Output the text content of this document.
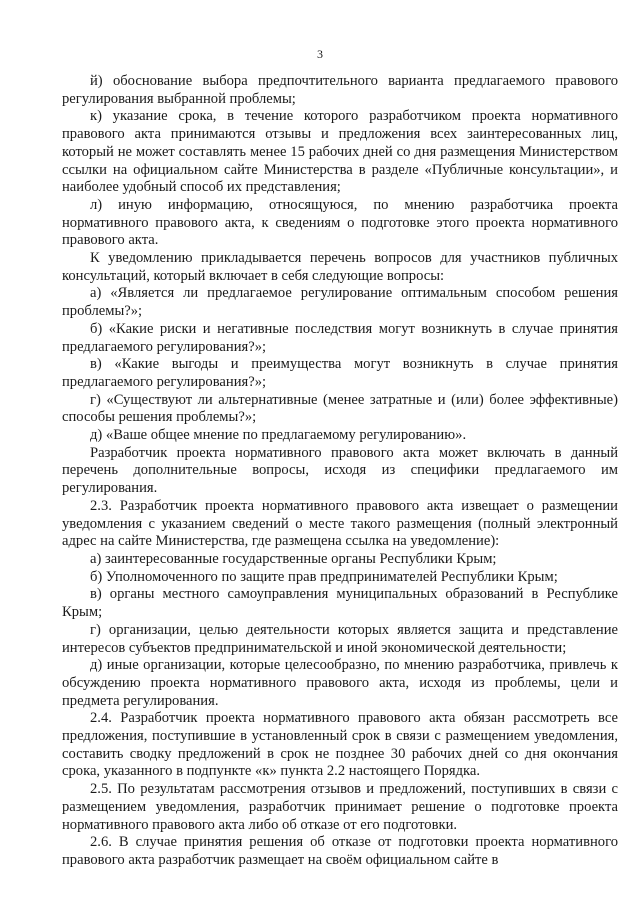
3

й) обоснование выбора предпочтительного варианта предлагаемого правового регулирования выбранной проблемы;

к) указание срока, в течение которого разработчиком проекта нормативного правового акта принимаются отзывы и предложения всех заинтересованных лиц, который не может составлять менее 15 рабочих дней со дня размещения Министерством ссылки на официальном сайте Министерства в разделе «Публичные консультации», и наиболее удобный способ их представления;

л) иную информацию, относящуюся, по мнению разработчика проекта нормативного правового акта, к сведениям о подготовке этого проекта нормативного правового акта.

К уведомлению прикладывается перечень вопросов для участников публичных консультаций, который включает в себя следующие вопросы:

а) «Является ли предлагаемое регулирование оптимальным способом решения проблемы?»;

б) «Какие риски и негативные последствия могут возникнуть в случае принятия предлагаемого регулирования?»;

в) «Какие выгоды и преимущества могут возникнуть в случае принятия предлагаемого регулирования?»;

г) «Существуют ли альтернативные (менее затратные и (или) более эффективные) способы решения проблемы?»;

д) «Ваше общее мнение по предлагаемому регулированию».

Разработчик проекта нормативного правового акта может включать в данный перечень дополнительные вопросы, исходя из специфики предлагаемого им регулирования.

2.3. Разработчик проекта нормативного правового акта извещает о размещении уведомления с указанием сведений о месте такого размещения (полный электронный адрес на сайте Министерства, где размещена ссылка на уведомление):

а) заинтересованные государственные органы Республики Крым;

б) Уполномоченного по защите прав предпринимателей Республики Крым;

в) органы местного самоуправления муниципальных образований в Республике Крым;

г) организации, целью деятельности которых является защита и представление интересов субъектов предпринимательской и иной экономической деятельности;

д) иные организации, которые целесообразно, по мнению разработчика, привлечь к обсуждению проекта нормативного правового акта, исходя из проблемы, цели и предмета регулирования.

2.4. Разработчик проекта нормативного правового акта обязан рассмотреть все предложения, поступившие в установленный срок в связи с размещением уведомления, составить сводку предложений в срок не позднее 30 рабочих дней со дня окончания срока, указанного в подпункте «к» пункта 2.2 настоящего Порядка.

2.5. По результатам рассмотрения отзывов и предложений, поступивших в связи с размещением уведомления, разработчик принимает решение о подготовке проекта нормативного правового акта либо об отказе от его подготовки.

2.6. В случае принятия решения об отказе от подготовки проекта нормативного правового акта разработчик размещает на своём официальном сайте в
